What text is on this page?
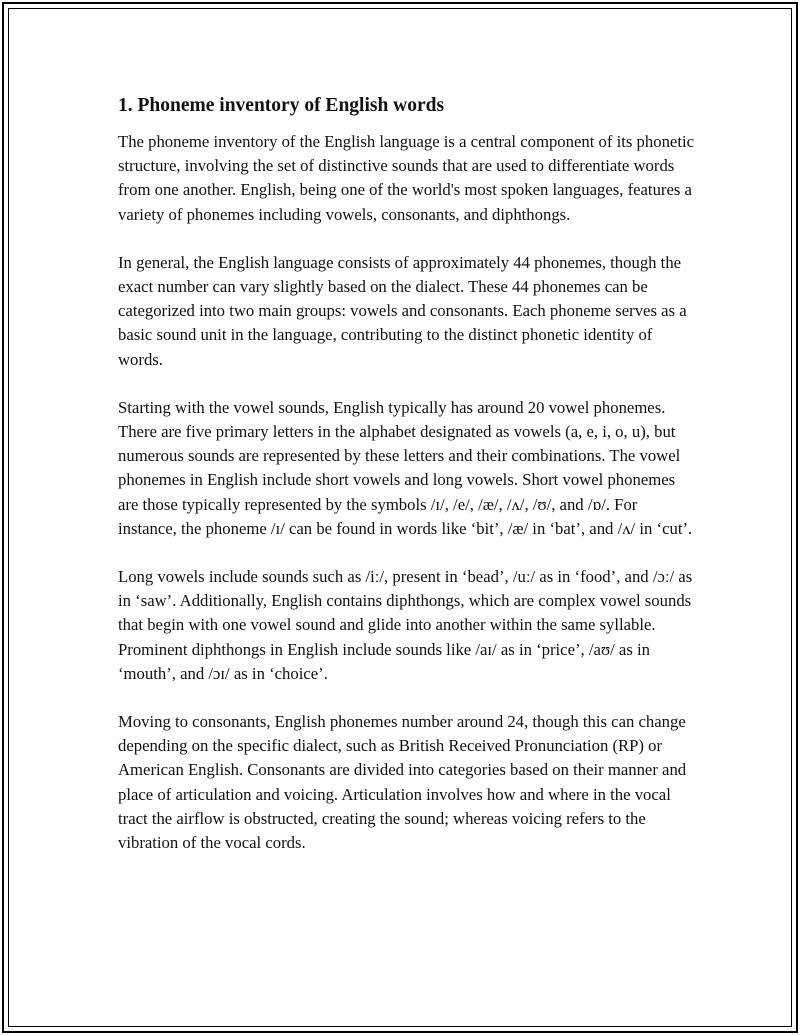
1. Phoneme inventory of English words

The phoneme inventory of the English language is a central component of its phonetic structure, involving the set of distinctive sounds that are used to differentiate words from one another. English, being one of the world's most spoken languages, features a variety of phonemes including vowels, consonants, and diphthongs.

In general, the English language consists of approximately 44 phonemes, though the exact number can vary slightly based on the dialect. These 44 phonemes can be categorized into two main groups: vowels and consonants. Each phoneme serves as a basic sound unit in the language, contributing to the distinct phonetic identity of words.

Starting with the vowel sounds, English typically has around 20 vowel phonemes. There are five primary letters in the alphabet designated as vowels (a, e, i, o, u), but numerous sounds are represented by these letters and their combinations. The vowel phonemes in English include short vowels and long vowels. Short vowel phonemes are those typically represented by the symbols /ɪ/, /e/, /æ/, /ʌ/, /ʊ/, and /ɒ/. For instance, the phoneme /ɪ/ can be found in words like ‘bit’, /æ/ in ‘bat’, and /ʌ/ in ‘cut’.

Long vowels include sounds such as /iː/, present in ‘bead’, /uː/ as in ‘food’, and /ɔː/ as in ‘saw’. Additionally, English contains diphthongs, which are complex vowel sounds that begin with one vowel sound and glide into another within the same syllable. Prominent diphthongs in English include sounds like /aɪ/ as in ‘price’, /aʊ/ as in ‘mouth’, and /ɔɪ/ as in ‘choice’.

Moving to consonants, English phonemes number around 24, though this can change depending on the specific dialect, such as British Received Pronunciation (RP) or American English. Consonants are divided into categories based on their manner and place of articulation and voicing. Articulation involves how and where in the vocal tract the airflow is obstructed, creating the sound; whereas voicing refers to the vibration of the vocal cords.
